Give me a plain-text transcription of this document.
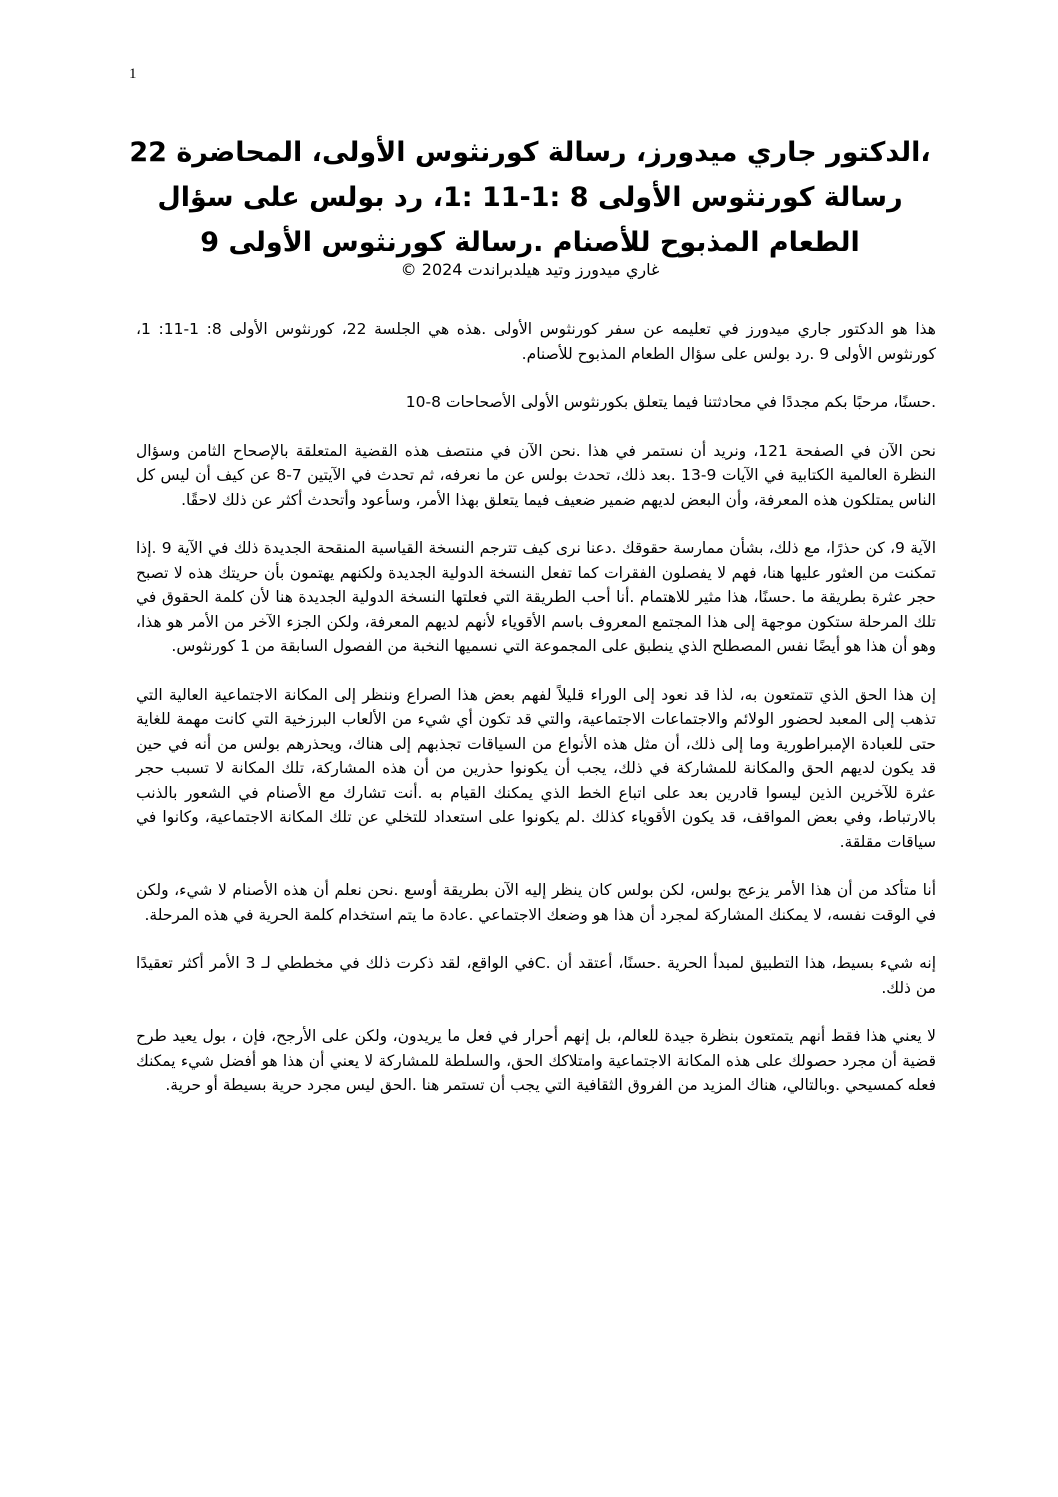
1
،الدكتور جاري ميدورز، رسالة كورنثوس الأولى، المحاضرة 22 رسالة كورنثوس الأولى 8 :1-11 :1، رد بولس على سؤال الطعام المذبوح للأصنام .رسالة كورنثوس الأولى 9

غاري ميدورز وتيد هيلدبراندت 2024 ©

هذا هو الدكتور جاري ميدورز في تعليمه عن سفر كورنثوس الأولى .هذه هي الجلسة 22، كورنثوس الأولى 8: 1-11: 1، كورنثوس الأولى 9 .رد بولس على سؤال الطعام المذبوح للأصنام.

.حسنًا، مرحبًا بكم مجددًا في محادثتنا فيما يتعلق بكورنثوس الأولى الأصحاحات 8-10

نحن الآن في الصفحة 121، ونريد أن نستمر في هذا .نحن الآن في منتصف هذه القضية المتعلقة بالإصحاح الثامن وسؤال النظرة العالمية الكتابية في الآيات 9-13 .بعد ذلك، تحدث بولس عن ما نعرفه، ثم تحدث في الآيتين 7-8 عن كيف أن ليس كل الناس يمتلكون هذه المعرفة، وأن البعض لديهم ضمير ضعيف فيما يتعلق بهذا الأمر، وسأعود وأتحدث أكثر عن ذلك لاحقًا.

الآية 9، كن حذرًا، مع ذلك، بشأن ممارسة حقوقك .دعنا نرى كيف تترجم النسخة القياسية المنقحة الجديدة ذلك في الآية 9 .إذا تمكنت من العثور عليها هنا، فهم لا يفصلون الفقرات كما تفعل النسخة الدولية الجديدة ولكنهم يهتمون بأن حريتك هذه لا تصبح حجر عثرة بطريقة ما .حسنًا، هذا مثير للاهتمام .أنا أحب الطريقة التي فعلتها النسخة الدولية الجديدة هنا لأن كلمة الحقوق في تلك المرحلة ستكون موجهة إلى هذا المجتمع المعروف باسم الأقوياء لأنهم لديهم المعرفة، ولكن الجزء الآخر من الأمر هو هذا، وهو أن هذا هو أيضًا نفس المصطلح الذي ينطبق على المجموعة التي نسميها النخبة من الفصول السابقة من 1 كورنثوس.

إن هذا الحق الذي تتمتعون به، لذا قد نعود إلى الوراء قليلاً لفهم بعض هذا الصراع وننظر إلى المكانة الاجتماعية العالية التي تذهب إلى المعبد لحضور الولائم والاجتماعات الاجتماعية، والتي قد تكون أي شيء من الألعاب البرزخية التي كانت مهمة للغاية حتى للعبادة الإمبراطورية وما إلى ذلك، أن مثل هذه الأنواع من السياقات تجذبهم إلى هناك، ويحذرهم بولس من أنه في حين قد يكون لديهم الحق والمكانة للمشاركة في ذلك، يجب أن يكونوا حذرين من أن هذه المشاركة، تلك المكانة لا تسبب حجر عثرة للآخرين الذين ليسوا قادرين بعد على اتباع الخط الذي يمكنك القيام به .أنت تشارك مع الأصنام في الشعور بالذنب بالارتباط، وفي بعض المواقف، قد يكون الأقوياء كذلك .لم يكونوا على استعداد للتخلي عن تلك المكانة الاجتماعية، وكانوا في سياقات مقلقة.

أنا متأكد من أن هذا الأمر يزعج بولس، لكن بولس كان ينظر إليه الآن بطريقة أوسع .نحن نعلم أن هذه الأصنام لا شيء، ولكن في الوقت نفسه، لا يمكنك المشاركة لمجرد أن هذا هو وضعك الاجتماعي .عادة ما يتم استخدام كلمة الحرية في هذه المرحلة.

إنه شيء بسيط، هذا التطبيق لمبدأ الحرية .حسنًا، أعتقد أن .Cفي الواقع، لقد ذكرت ذلك في مخططي لـ 3 الأمر أكثر تعقيدًا من ذلك.

لا يعني هذا فقط أنهم يتمتعون بنظرة جيدة للعالم، بل إنهم أحرار في فعل ما يريدون، ولكن على الأرجح، فإن ، بول يعيد طرح قضية أن مجرد حصولك على هذه المكانة الاجتماعية وامتلاكك الحق، والسلطة للمشاركة لا يعني أن هذا هو أفضل شيء يمكنك فعله كمسيحي .وبالتالي، هناك المزيد من الفروق الثقافية التي يجب أن تستمر هنا .الحق ليس مجرد حرية بسيطة أو حرية.
